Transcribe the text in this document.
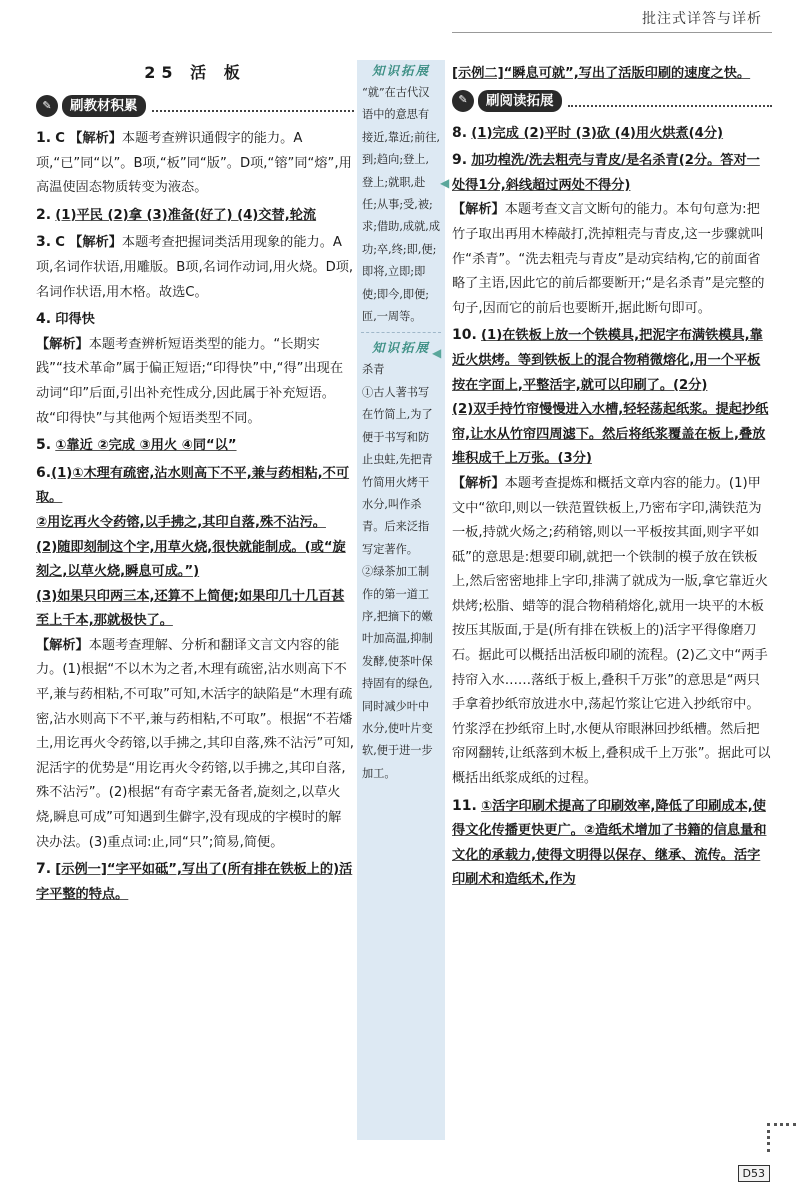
批注式详答与详析
25 活 板
✎	刷教材积累
1. C 【解析】本题考查辨识通假字的能力。A项,“已”同“以”。B项,“板”同“版”。D项,“镕”同“熔”,用高温使固态物质转变为液态。
2. (1)平民 (2)拿 (3)准备(好了) (4)交替,轮流
3. C 【解析】本题考查把握词类活用现象的能力。A项,名词作状语,用雕版。B项,名词作动词,用火烧。D项,名词作状语,用木格。故选C。

4. 印得快

【解析】本题考查辨析短语类型的能力。“长期实践”“技术革命”属于偏正短语;“印得快”中,“得”出现在动词“印”后面,引出补充性成分,因此属于补充短语。故“印得快”与其他两个短语类型不同。
5. ①靠近 ②完成 ③用火 ④同“以”

6.(1)①木理有疏密,沾水则高下不平,兼与药相粘,不可取。

②用讫再火令药镕,以手拂之,其印自落,殊不沾污。

(2)随即刻制这个字,用草火烧,很快就能制成。(或“旋刻之,以草火烧,瞬息可成。”)

(3)如果只印两三本,还算不上简便;如果印几十几百甚至上千本,那就极快了。

【解析】本题考查理解、分析和翻译文言文内容的能力。(1)根据“不以木为之者,木理有疏密,沾水则高下不平,兼与药相粘,不可取”可知,木活字的缺陷是“木理有疏密,沾水则高下不平,兼与药相粘,不可取”。根据“不若燔土,用讫再火令药镕,以手拂之,其印自落,殊不沾污”可知,泥活字的优势是“用讫再火令药镕,以手拂之,其印自落,殊不沾污”。(2)根据“有奇字素无备者,旋刻之,以草火烧,瞬息可成”可知遇到生僻字,没有现成的字模时的解决办法。(3)重点词:止,同“只”;简易,简便。
7. [示例一]“字平如砥”,写出了(所有排在铁板上的)活字平整的特点。
知识拓展
“就”在古代汉语中的意思有接近,靠近;前往,到;趋向;登上,登上;就职,赴任;从事;受,被;求;借助,成就,成功;卒,终;即,便;即将,立即;即使;即今,即便;匝,一周等。
知识拓展
杀青
①古人著书写在竹简上,为了便于书写和防止虫蛀,先把青竹简用火烤干水分,叫作杀青。后来泛指写定著作。
②绿茶加工制作的第一道工序,把摘下的嫩叶加高温,抑制发酵,使茶叶保持固有的绿色,同时减少叶中水分,使叶片变软,便于进一步加工。
◀
◀
[示例二]“瞬息可就”,写出了活版印刷的速度之快。
✎	刷阅读拓展
8. (1)完成 (2)平时 (3)砍 (4)用火烘煮(4分)

9. 加功楻洗/洗去粗壳与青皮/是名杀青(2分。答对一处得1分,斜线超过两处不得分)

【解析】本题考查文言文断句的能力。本句句意为:把竹子取出再用木棒敲打,洗掉粗壳与青皮,这一步骤就叫作“杀青”。“洗去粗壳与青皮”是动宾结构,它的前面省略了主语,因此它的前后都要断开;“是名杀青”是完整的句子,因而它的前后也要断开,据此断句即可。

10. (1)在铁板上放一个铁模具,把泥字布满铁模具,靠近火烘烤。等到铁板上的混合物稍微熔化,用一个平板按在字面上,平整活字,就可以印刷了。(2分)

(2)双手持竹帘慢慢进入水槽,轻轻荡起纸浆。提起抄纸帘,让水从竹帘四周滤下。然后将纸浆覆盖在板上,叠放堆积成千上万张。(3分)

【解析】本题考查提炼和概括文章内容的能力。(1)甲文中“欲印,则以一铁范置铁板上,乃密布字印,满铁范为一板,持就火炀之;药稍镕,则以一平板按其面,则字平如砥”的意思是:想要印刷,就把一个铁制的模子放在铁板上,然后密密地排上字印,排满了就成为一版,拿它靠近火烘烤;松脂、蜡等的混合物稍稍熔化,就用一块平的木板按压其版面,于是(所有排在铁板上的)活字平得像磨刀石。据此可以概括出活板印刷的流程。(2)乙文中“两手持帘入水……落纸于板上,叠积千万张”的意思是“两只手拿着抄纸帘放进水中,荡起竹浆让它进入抄纸帘中。竹浆浮在抄纸帘上时,水便从帘眼淋回抄纸槽。然后把帘网翻转,让纸落到木板上,叠积成千上万张”。据此可以概括出纸浆成纸的过程。
11. ①活字印刷术提高了印刷效率,降低了印刷成本,使得文化传播更快更广。②造纸术增加了书籍的信息量和文化的承载力,使得文明得以保存、继承、流传。活字印刷术和造纸术,作为
D53
